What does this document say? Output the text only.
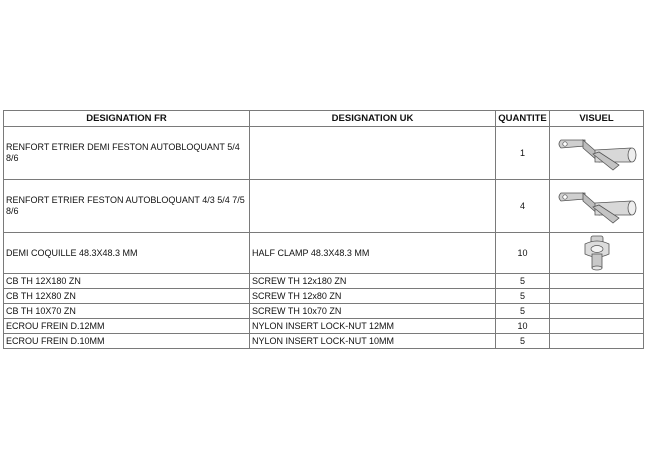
DESIGNATION FR	DESIGNATION UK	QUANTITE	VISUEL
RENFORT ETRIER DEMI FESTON AUTOBLOQUANT 5/4 8/6		1	

RENFORT ETRIER FESTON AUTOBLOQUANT 4/3 5/4 7/5 8/6		4	

DEMI COQUILLE 48.3X48.3 MM	HALF CLAMP 48.3X48.3 MM	10	

CB TH 12X180 ZN	SCREW TH 12x180 ZN	5	
CB TH 12X80 ZN	SCREW TH 12x80 ZN	5	
CB TH 10X70 ZN	SCREW TH 10x70 ZN	5	
ECROU FREIN D.12MM	NYLON INSERT LOCK-NUT 12MM	10	
ECROU FREIN D.10MM	NYLON INSERT LOCK-NUT 10MM	5	
